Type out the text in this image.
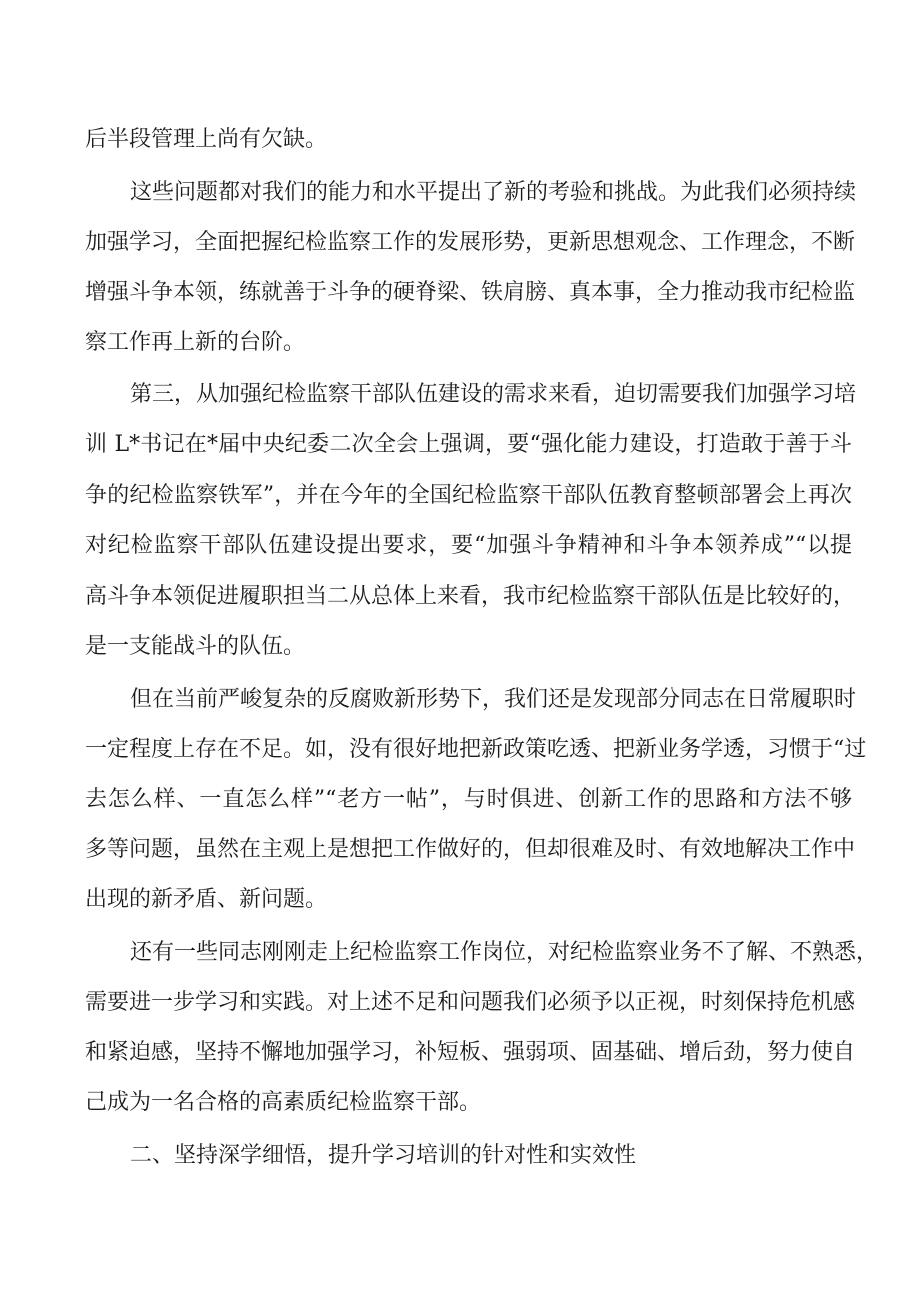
后半段管理上尚有欠缺。
这些问题都对我们的能力和水平提出了新的考验和挑战。为此我们必须持续
加强学习，全面把握纪检监察工作的发展形势，更新思想观念、工作理念，不断
增强斗争本领，练就善于斗争的硬脊梁、铁肩膀、真本事，全力推动我市纪检监
察工作再上新的台阶。
第三，从加强纪检监察干部队伍建设的需求来看，迫切需要我们加强学习培
训 L*书记在*届中央纪委二次全会上强调，要“强化能力建设，打造敢于善于斗
争的纪检监察铁军”，并在今年的全国纪检监察干部队伍教育整顿部署会上再次
对纪检监察干部队伍建设提出要求，要“加强斗争精神和斗争本领养成”“以提
高斗争本领促进履职担当二从总体上来看，我市纪检监察干部队伍是比较好的，
是一支能战斗的队伍。
但在当前严峻复杂的反腐败新形势下，我们还是发现部分同志在日常履职时
一定程度上存在不足。如，没有很好地把新政策吃透、把新业务学透，习惯于“过
去怎么样、一直怎么样”“老方一帖”，与时俱进、创新工作的思路和方法不够
多等问题，虽然在主观上是想把工作做好的，但却很难及时、有效地解决工作中
出现的新矛盾、新问题。
还有一些同志刚刚走上纪检监察工作岗位，对纪检监察业务不了解、不熟悉，
需要进一步学习和实践。对上述不足和问题我们必须予以正视，时刻保持危机感
和紧迫感，坚持不懈地加强学习，补短板、强弱项、固基础、增后劲，努力使自
己成为一名合格的高素质纪检监察干部。
二、坚持深学细悟，提升学习培训的针对性和实效性
